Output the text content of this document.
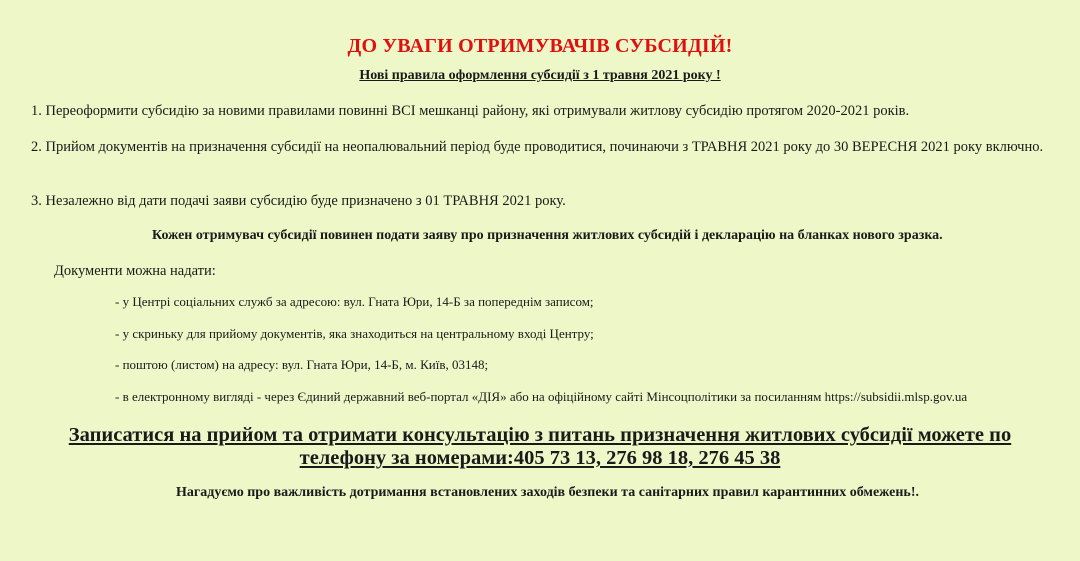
ДО УВАГИ ОТРИМУВАЧІВ СУБСИДІЙ!
Нові правила оформлення субсидії з 1 травня 2021 року !
1. Переоформити субсидію за новими правилами повинні ВСІ мешканці району, які отримували житлову субсидію протягом 2020-2021 років.
2. Прийом документів на призначення субсидії на неопалювальний період буде проводитися, починаючи з ТРАВНЯ 2021 року до 30 ВЕРЕСНЯ 2021 року включно.
3. Незалежно від дати подачі заяви субсидію буде призначено з 01 ТРАВНЯ 2021 року.
Кожен отримувач субсидії повинен подати заяву про призначення житлових субсидій і декларацію на бланках нового зразка.
Документи можна надати:
- у Центрі соціальних служб за адресою: вул. Гната Юри, 14-Б за попереднім записом;
- у скриньку для прийому документів, яка знаходиться на центральному вході Центру;
- поштою (листом) на адресу: вул. Гната Юри, 14-Б, м. Київ, 03148;
- в електронному вигляді - через Єдиний державний веб-портал «ДІЯ» або на офіційному сайті Мінсоцполітики за посиланням https://subsidii.mlsp.gov.ua
Записатися на прийом та отримати консультацію з питань призначення житлових субсидії можете по
телефону за номерами:405 73 13, 276 98 18, 276 45 38
Нагадуємо про важливість дотримання встановлених заходів безпеки та санітарних правил карантинних обмежень!.
